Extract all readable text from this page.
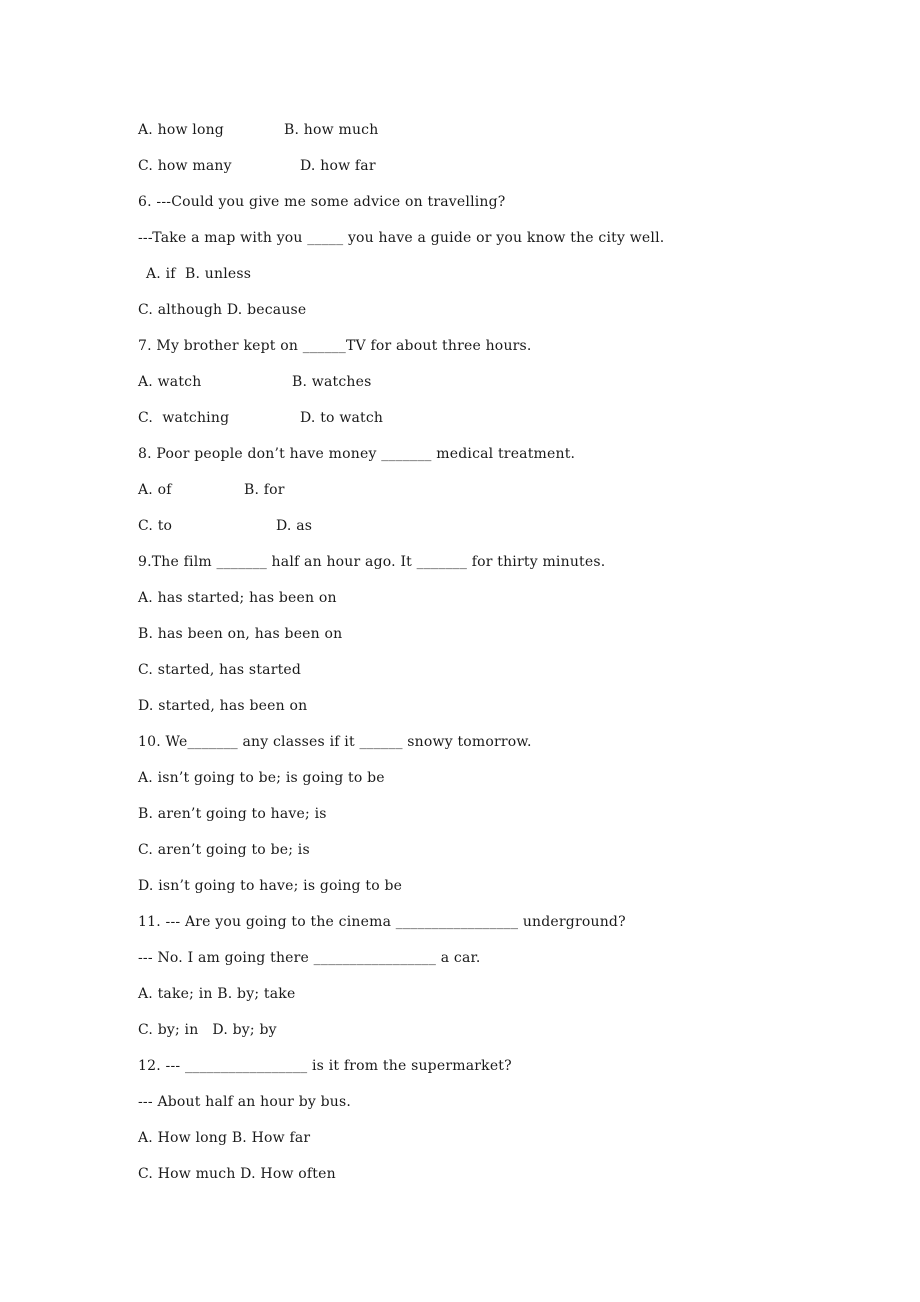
A. how long

	B. how much

C. how many

	D. how far

6. ---Could you give me some advice on travelling?
---Take a map with you _____ you have a guide or you know the city well.

A. if  B. unless

C. although D. because

7. My brother kept on ______TV for about three hours.

A. watch

	B. watches

C.  watching

	D. to watch

8. Poor people don’t have money _______ medical treatment.

A. of

	B. for

C. to

	D. as

9.The film _______ half an hour ago. It _______ for thirty minutes.
A. has started; has been on
B. has been on, has been on
C. started, has started
D. started, has been on
10. We_______ any classes if it ______ snowy tomorrow.
A. isn’t going to be; is going to be
B. aren’t going to have; is
C. aren’t going to be; is
D. isn’t going to have; is going to be
11. --- Are you going to the cinema _________________ underground?
--- No. I am going there _________________ a car.
A. take; in B. by; take
C. by; in   D. by; by
12. --- _________________ is it from the supermarket?
--- About half an hour by bus.
A. How long B. How far
C. How much D. How often
